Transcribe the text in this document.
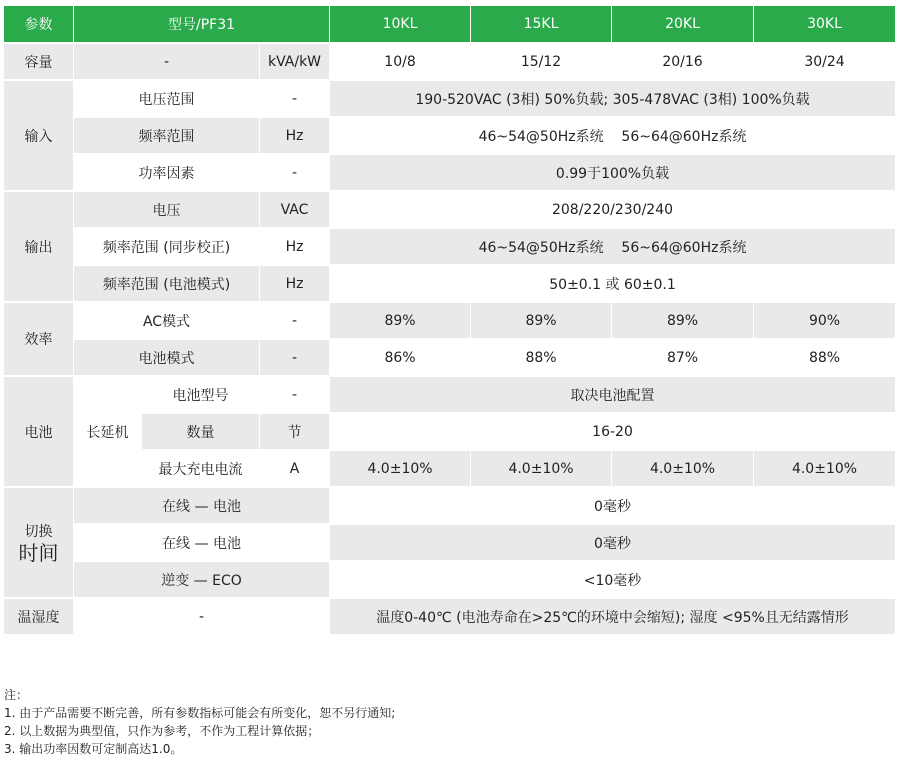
参数	型号/PF31			10KL	15KL	20KL	30KL
容量	-		kVA/kW	10/8	15/12	20/16	30/24
输入	电压范围		-	190-520VAC (3相) 50%负载; 305-478VAC (3相) 100%负载			
	频率范围		Hz	46~54@50Hz系统    56~64@60Hz系统			
	功率因素		-	0.99于100%负载			
输出	电压		VAC	208/220/230/240			
	频率范围 (同步校正)		Hz	46~54@50Hz系统    56~64@60Hz系统			
	频率范围 (电池模式)		Hz	50±0.1 或 60±0.1			
效率	AC模式		-	89%	89%	89%	90%
	电池模式		-	86%	88%	87%	88%
电池	长延机	电池型号	-	取决电池配置			
		数量	节	16-20			
		最大充电电流	A	4.0±10%	4.0±10%	4.0±10%	4.0±10%

切换
时间	在线 — 电池			0毫秒			
	在线 — 电池			0毫秒			
	逆变 — ECO			<10毫秒			
温湿度	-			温度0-40℃ (电池寿命在>25℃的环境中会缩短); 湿度 <95%且无结露情形			
注：
1. 由于产品需要不断完善，所有参数指标可能会有所变化，恕不另行通知;
2. 以上数据为典型值，只作为参考，不作为工程计算依据；
3. 输出功率因数可定制高达1.0。
